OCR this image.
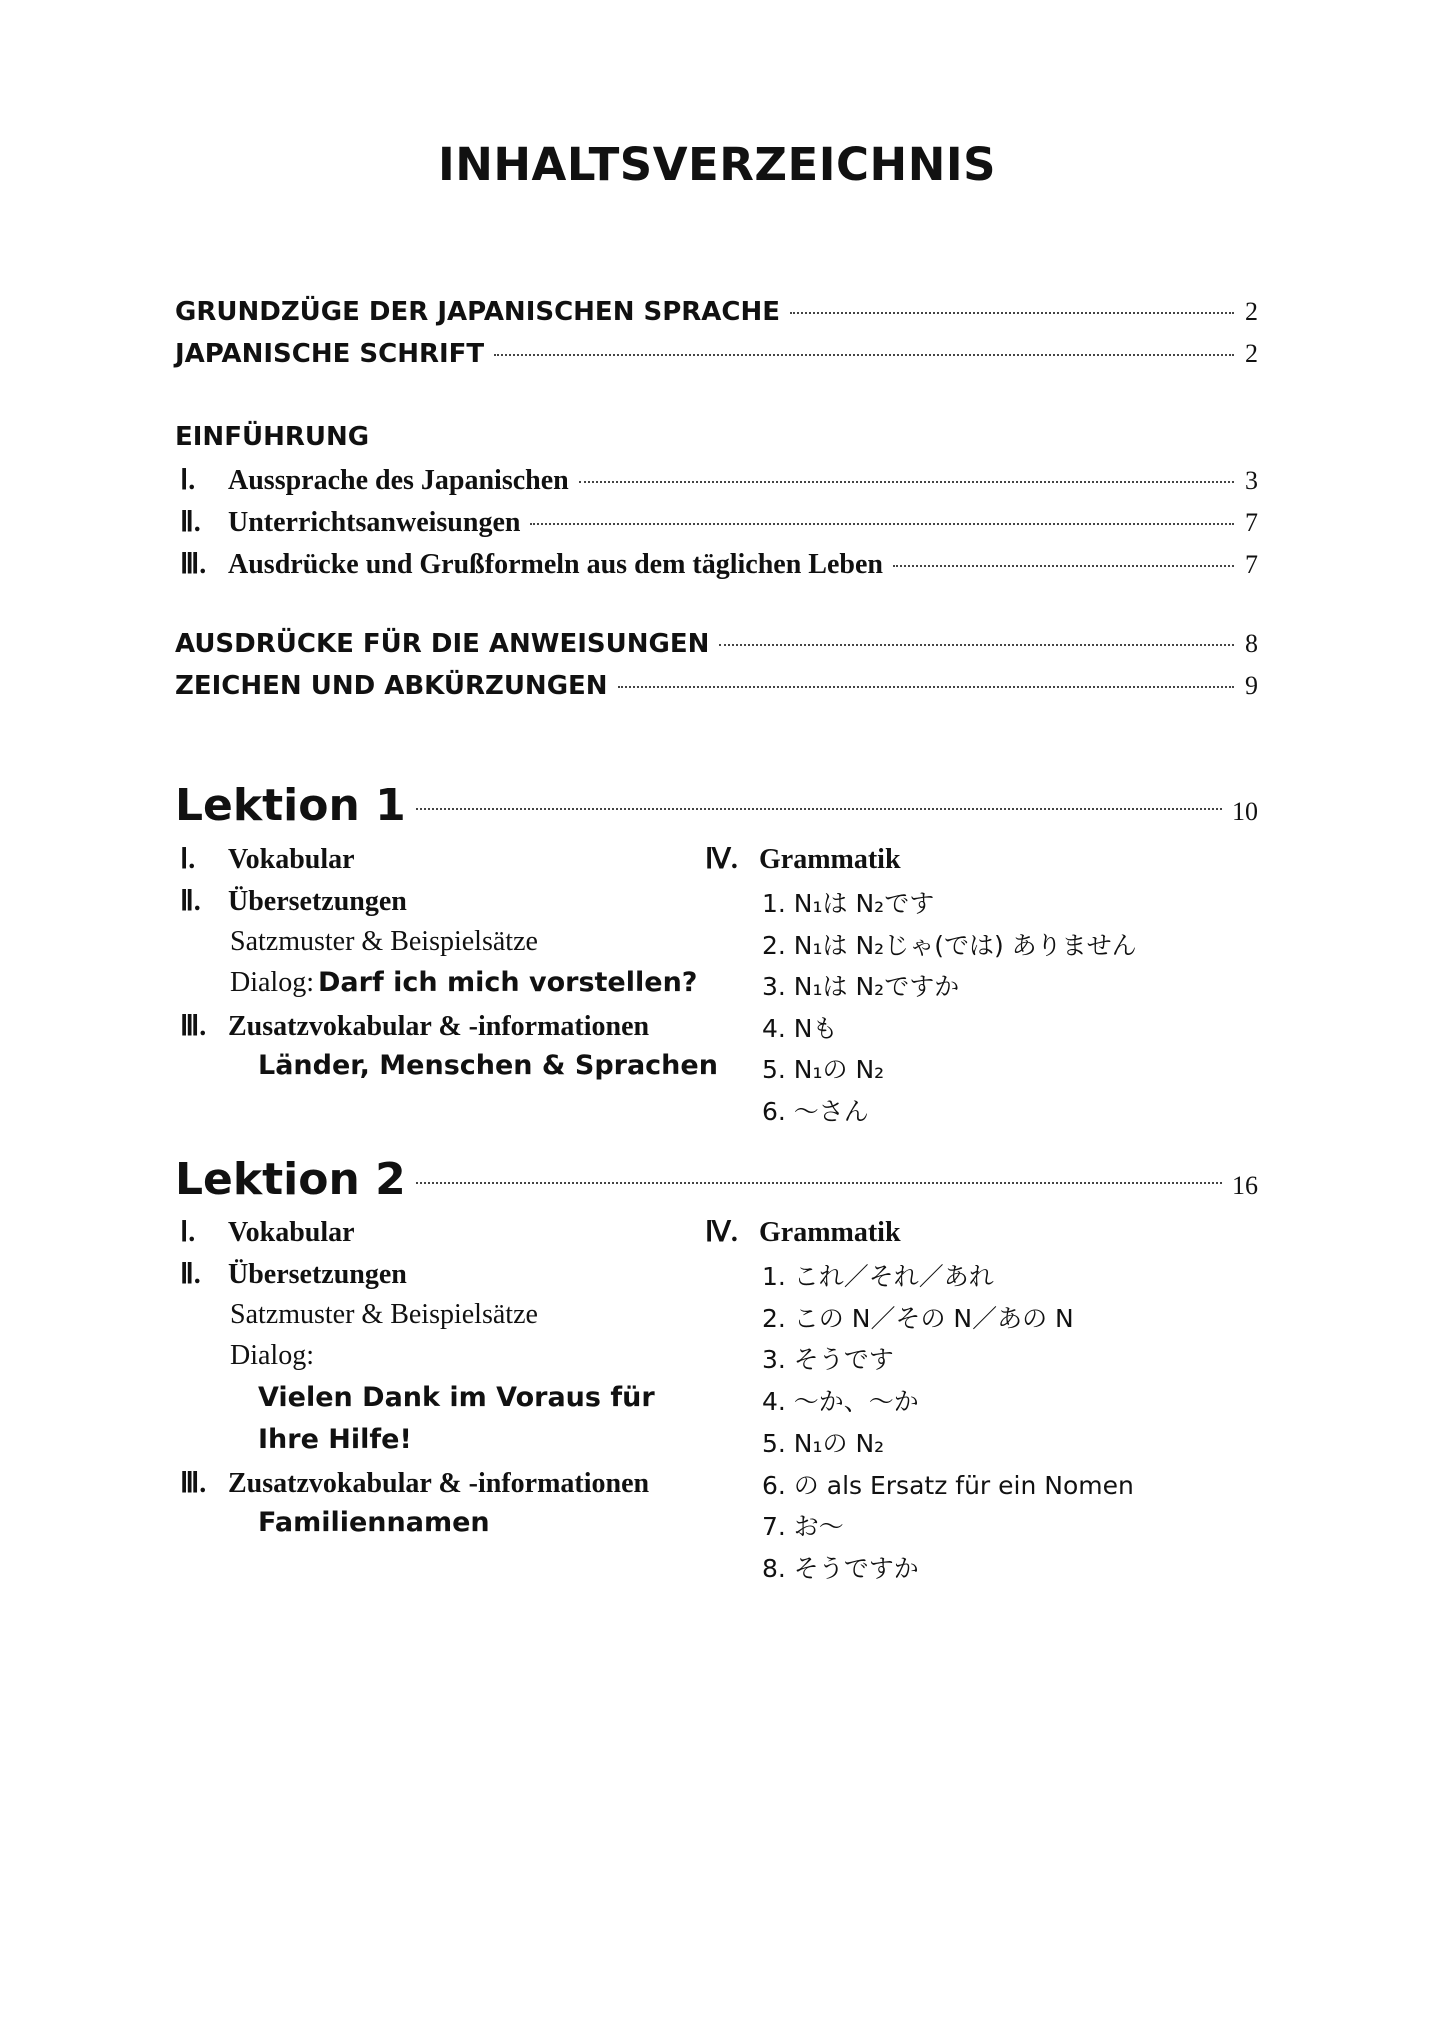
INHALTSVERZEICHNIS
GRUNDZÜGE DER JAPANISCHEN SPRACHE	2
JAPANISCHE SCHRIFT	2
EINFÜHRUNG
Ⅰ. Aussprache des Japanischen	3
Ⅱ. Unterrichtsanweisungen	7
Ⅲ. Ausdrücke und Grußformeln aus dem täglichen Leben	7
AUSDRÜCKE FÜR DIE ANWEISUNGEN	8
ZEICHEN UND ABKÜRZUNGEN	9
Lektion 1	10
Ⅰ. Vokabular
Ⅱ. Übersetzungen
Satzmuster & Beispielsätze
Dialog: Darf ich mich vorstellen?
Ⅲ. Zusatzvokabular & -informationen
Länder, Menschen & Sprachen
Ⅳ. Grammatik
1. N₁は N₂です
2. N₁は N₂じゃ(では) ありません
3. N₁は N₂ですか
4. Nも
5. N₁の N₂
6. ～さん
Lektion 2	16
Ⅰ. Vokabular
Ⅱ. Übersetzungen
Satzmuster & Beispielsätze
Dialog:
Vielen Dank im Voraus für
Ihre Hilfe!
Ⅲ. Zusatzvokabular & -informationen
Familiennamen
Ⅳ. Grammatik
1. これ／それ／あれ
2. この N／その N／あの N
3. そうです
4. ～か、～か
5. N₁の N₂
6. の als Ersatz für ein Nomen
7. お～
8. そうですか
